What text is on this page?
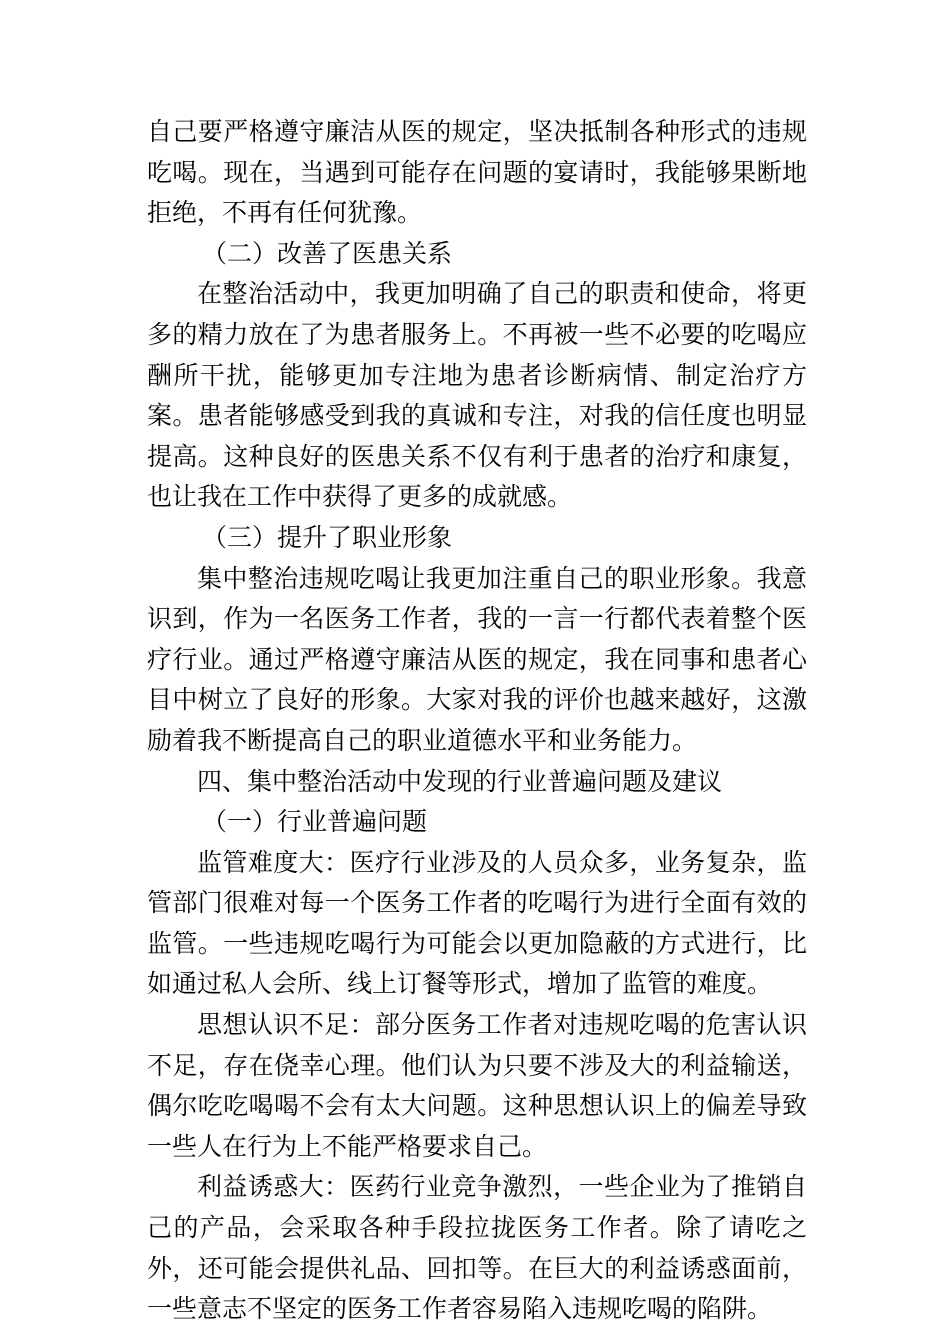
自己要严格遵守廉洁从医的规定，坚决抵制各种形式的违规吃喝。现在，当遇到可能存在问题的宴请时，我能够果断地拒绝，不再有任何犹豫。

（二）改善了医患关系

在整治活动中，我更加明确了自己的职责和使命，将更多的精力放在了为患者服务上。不再被一些不必要的吃喝应酬所干扰，能够更加专注地为患者诊断病情、制定治疗方案。患者能够感受到我的真诚和专注，对我的信任度也明显提高。这种良好的医患关系不仅有利于患者的治疗和康复，也让我在工作中获得了更多的成就感。

（三）提升了职业形象

集中整治违规吃喝让我更加注重自己的职业形象。我意识到，作为一名医务工作者，我的一言一行都代表着整个医疗行业。通过严格遵守廉洁从医的规定，我在同事和患者心目中树立了良好的形象。大家对我的评价也越来越好，这激励着我不断提高自己的职业道德水平和业务能力。

四、集中整治活动中发现的行业普遍问题及建议
（一）行业普遍问题

监管难度大：医疗行业涉及的人员众多，业务复杂，监管部门很难对每一个医务工作者的吃喝行为进行全面有效的监管。一些违规吃喝行为可能会以更加隐蔽的方式进行，比如通过私人会所、线上订餐等形式，增加了监管的难度。

思想认识不足：部分医务工作者对违规吃喝的危害认识不足，存在侥幸心理。他们认为只要不涉及大的利益输送，偶尔吃吃喝喝不会有太大问题。这种思想认识上的偏差导致一些人在行为上不能严格要求自己。

利益诱惑大：医药行业竞争激烈，一些企业为了推销自己的产品，会采取各种手段拉拢医务工作者。除了请吃之外，还可能会提供礼品、回扣等。在巨大的利益诱惑面前，一些意志不坚定的医务工作者容易陷入违规吃喝的陷阱。
